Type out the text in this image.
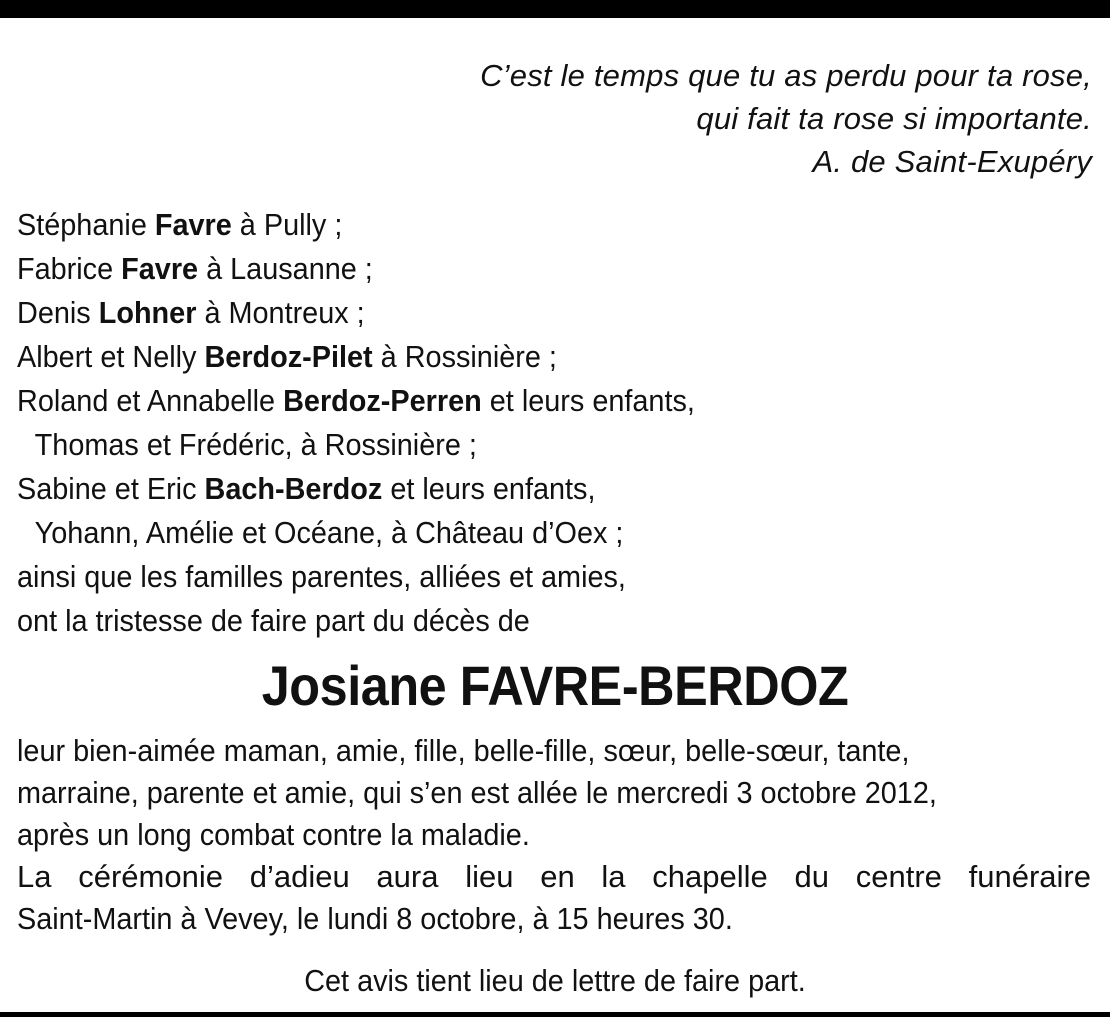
C’est le temps que tu as perdu pour ta rose,
qui fait ta rose si importante.
A. de Saint-Exupéry
Stéphanie Favre à Pully ;
Fabrice Favre à Lausanne ;
Denis Lohner à Montreux ;
Albert et Nelly Berdoz-Pilet à Rossinière ;
Roland et Annabelle Berdoz-Perren et leurs enfants,
Thomas et Frédéric, à Rossinière ;
Sabine et Eric Bach-Berdoz et leurs enfants,
Yohann, Amélie et Océane, à Château d’Oex ;
ainsi que les familles parentes, alliées et amies,
ont la tristesse de faire part du décès de
Josiane FAVRE-BERDOZ
leur bien-aimée maman, amie, fille, belle-fille, sœur, belle-sœur, tante,
marraine, parente et amie, qui s’en est allée le mercredi 3 octobre 2012,
après un long combat contre la maladie.
La cérémonie d’adieu aura lieu en la chapelle du centre funéraire
Saint-Martin à Vevey, le lundi 8 octobre, à 15 heures 30.
Cet avis tient lieu de lettre de faire part.
